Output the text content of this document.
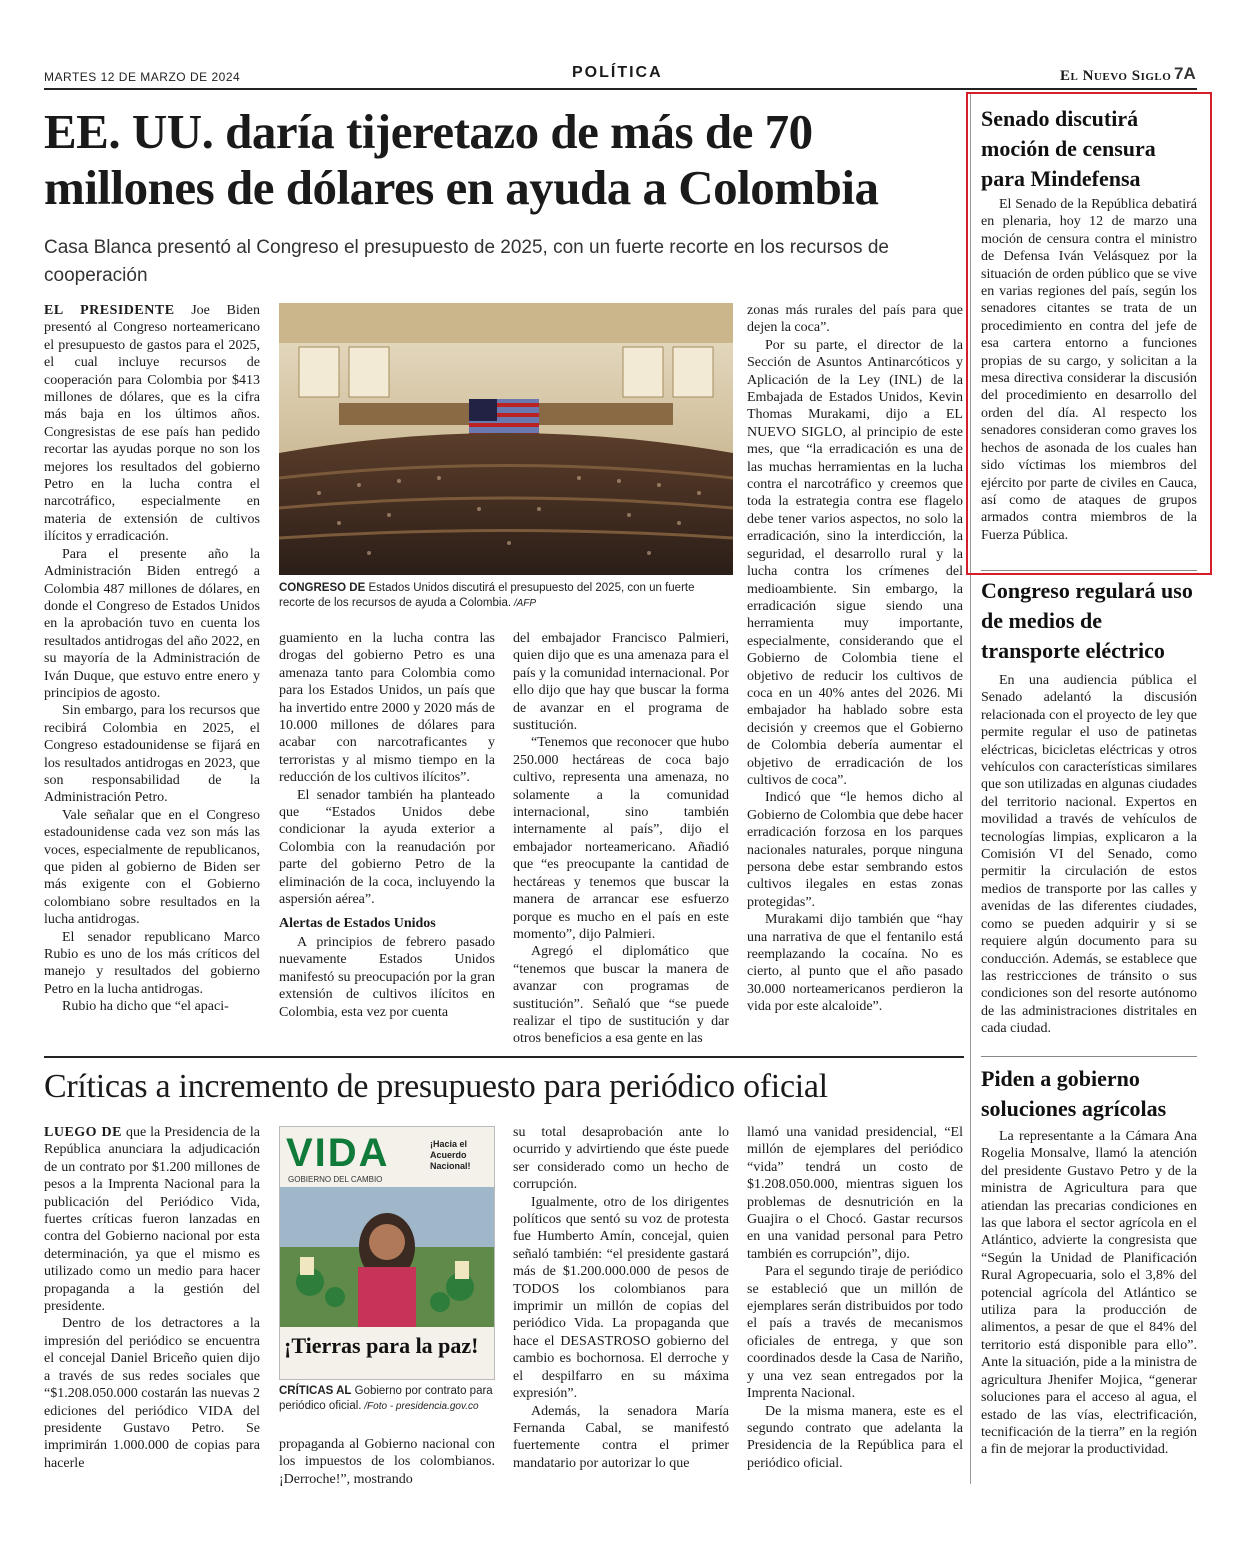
MARTES 12 DE MARZO DE 2024	POLÍTICA	El Nuevo Siglo 7A
EE. UU. daría tijeretazo de más de 70 millones de dólares en ayuda a Colombia
Casa Blanca presentó al Congreso el presupuesto de 2025, con un fuerte recorte en los recursos de cooperación

EL PRESIDENTE Joe Biden presentó al Congreso norteamericano el presupuesto de gastos para el 2025, el cual incluye recursos de cooperación para Colombia por $413 millones de dólares, que es la cifra más baja en los últimos años. Congresistas de ese país han pedido recortar las ayudas porque no son los mejores los resultados del gobierno Petro en la lucha contra el narcotráfico, especialmente en materia de extensión de cultivos ilícitos y erradicación.

Para el presente año la Administración Biden entregó a Colombia 487 millones de dólares, en donde el Congreso de Estados Unidos en la aprobación tuvo en cuenta los resultados antidrogas del año 2022, en su mayoría de la Administración de Iván Duque, que estuvo entre enero y principios de agosto.

Sin embargo, para los recursos que recibirá Colombia en 2025, el Congreso estadounidense se fijará en los resultados antidrogas en 2023, que son responsabilidad de la Administración Petro.

Vale señalar que en el Congreso estadounidense cada vez son más las voces, especialmente de republicanos, que piden al gobierno de Biden ser más exigente con el Gobierno colombiano sobre resultados en la lucha antidrogas.

El senador republicano Marco Rubio es uno de los más críticos del manejo y resultados del gobierno Petro en la lucha antidrogas.

Rubio ha dicho que “el apaci-

CONGRESO DE Estados Unidos discutirá el presupuesto del 2025, con un fuerte recorte de los recursos de ayuda a Colombia. /AFP

guamiento en la lucha contra las drogas del gobierno Petro es una amenaza tanto para Colombia como para los Estados Unidos, un país que ha invertido entre 2000 y 2020 más de 10.000 millones de dólares para acabar con narcotraficantes y terroristas y al mismo tiempo en la reducción de los cultivos ilícitos”.

El senador también ha planteado que “Estados Unidos debe condicionar la ayuda exterior a Colombia con la reanudación por parte del gobierno Petro de la eliminación de la coca, incluyendo la aspersión aérea”.

Alertas de Estados Unidos

A principios de febrero pasado nuevamente Estados Unidos manifestó su preocupación por la gran extensión de cultivos ilícitos en Colombia, esta vez por cuenta

del embajador Francisco Palmieri, quien dijo que es una amenaza para el país y la comunidad internacional. Por ello dijo que hay que buscar la forma de avanzar en el programa de sustitución.

“Tenemos que reconocer que hubo 250.000 hectáreas de coca bajo cultivo, representa una amenaza, no solamente a la comunidad internacional, sino también internamente al país”, dijo el embajador norteamericano. Añadió que “es preocupante la cantidad de hectáreas y tenemos que buscar la manera de arrancar ese esfuerzo porque es mucho en el país en este momento”, dijo Palmieri.

Agregó el diplomático que “tenemos que buscar la manera de avanzar con programas de sustitución”. Señaló que “se puede realizar el tipo de sustitución y dar otros beneficios a esa gente en las

zonas más rurales del país para que dejen la coca”.

Por su parte, el director de la Sección de Asuntos Antinarcóticos y Aplicación de la Ley (INL) de la Embajada de Estados Unidos, Kevin Thomas Murakami, dijo a EL NUEVO SIGLO, al principio de este mes, que “la erradicación es una de las muchas herramientas en la lucha contra el narcotráfico y creemos que toda la estrategia contra ese flagelo debe tener varios aspectos, no solo la erradicación, sino la interdicción, la seguridad, el desarrollo rural y la lucha contra los crímenes del medioambiente. Sin embargo, la erradicación sigue siendo una herramienta muy importante, especialmente, considerando que el Gobierno de Colombia tiene el objetivo de reducir los cultivos de coca en un 40% antes del 2026. Mi embajador ha hablado sobre esta decisión y creemos que el Gobierno de Colombia debería aumentar el objetivo de erradicación de los cultivos de coca”.

Indicó que “le hemos dicho al Gobierno de Colombia que debe hacer erradicación forzosa en los parques nacionales naturales, porque ninguna persona debe estar sembrando estos cultivos ilegales en estas zonas protegidas”.

Murakami dijo también que “hay una narrativa de que el fentanilo está reemplazando la cocaína. No es cierto, al punto que el año pasado 30.000 norteamericanos perdieron la vida por este alcaloide”.

Críticas a incremento de presupuesto para periódico oficial

LUEGO DE que la Presidencia de la República anunciara la adjudicación de un contrato por $1.200 millones de pesos a la Imprenta Nacional para la publicación del Periódico Vida, fuertes críticas fueron lanzadas en contra del Gobierno nacional por esta determinación, ya que el mismo es utilizado como un medio para hacer propaganda a la gestión del presidente.

Dentro de los detractores a la impresión del periódico se encuentra el concejal Daniel Briceño quien dijo a través de sus redes sociales que “$1.208.050.000 costarán las nuevas 2 ediciones del periódico VIDA del presidente Gustavo Petro. Se imprimirán 1.000.000 de copias para hacerle

VIDA
GOBIERNO DEL CAMBIO
¡Hacia el Acuerdo Nacional!
¡Tierras para la paz!
CRÍTICAS AL Gobierno por contrato para periódico oficial. /Foto - presidencia.gov.co

propaganda al Gobierno nacional con los impuestos de los colombianos. ¡Derroche!”, mostrando

su total desaprobación ante lo ocurrido y advirtiendo que éste puede ser considerado como un hecho de corrupción.

Igualmente, otro de los dirigentes políticos que sentó su voz de protesta fue Humberto Amín, concejal, quien señaló también: “el presidente gastará más de $1.200.000.000 de pesos de TODOS los colombianos para imprimir un millón de copias del periódico Vida. La propaganda que hace el DESASTROSO gobierno del cambio es bochornosa. El derroche y el despilfarro en su máxima expresión”.

Además, la senadora María Fernanda Cabal, se manifestó fuertemente contra el primer mandatario por autorizar lo que

llamó una vanidad presidencial, “El millón de ejemplares del periódico “vida” tendrá un costo de $1.208.050.000, mientras siguen los problemas de desnutrición en la Guajira o el Chocó. Gastar recursos en una vanidad personal para Petro también es corrupción”, dijo.

Para el segundo tiraje de periódico se estableció que un millón de ejemplares serán distribuidos por todo el país a través de mecanismos oficiales de entrega, y que son coordinados desde la Casa de Nariño, y una vez sean entregados por la Imprenta Nacional.

De la misma manera, este es el segundo contrato que adelanta la Presidencia de la República para el periódico oficial.

Senado discutirá moción de censura para Mindefensa

El Senado de la República debatirá en plenaria, hoy 12 de marzo una moción de censura contra el ministro de Defensa Iván Velásquez por la situación de orden público que se vive en varias regiones del país, según los senadores citantes se trata de un procedimiento en contra del jefe de esa cartera entorno a funciones propias de su cargo, y solicitan a la mesa directiva considerar la discusión del procedimiento en desarrollo del orden del día. Al respecto los senadores consideran como graves los hechos de asonada de los cuales han sido víctimas los miembros del ejército por parte de civiles en Cauca, así como de ataques de grupos armados contra miembros de la Fuerza Pública.

Congreso regulará uso de medios de transporte eléctrico

En una audiencia pública el Senado adelantó la discusión relacionada con el proyecto de ley que permite regular el uso de patinetas eléctricas, bicicletas eléctricas y otros vehículos con características similares que son utilizadas en algunas ciudades del territorio nacional. Expertos en movilidad a través de vehículos de tecnologías limpias, explicaron a la Comisión VI del Senado, como permitir la circulación de estos medios de transporte por las calles y avenidas de las diferentes ciudades, como se pueden adquirir y si se requiere algún documento para su conducción. Además, se establece que las restricciones de tránsito o sus condiciones son del resorte autónomo de las administraciones distritales en cada ciudad.

Piden a gobierno soluciones agrícolas

La representante a la Cámara Ana Rogelia Monsalve, llamó la atención del presidente Gustavo Petro y de la ministra de Agricultura para que atiendan las precarias condiciones en las que labora el sector agrícola en el Atlántico, advierte la congresista que “Según la Unidad de Planificación Rural Agropecuaria, solo el 3,8% del potencial agrícola del Atlántico se utiliza para la producción de alimentos, a pesar de que el 84% del territorio está disponible para ello”. Ante la situación, pide a la ministra de agricultura Jhenifer Mojica, “generar soluciones para el acceso al agua, el estado de las vías, electrificación, tecnificación de la tierra” en la región a fin de mejorar la productividad.
